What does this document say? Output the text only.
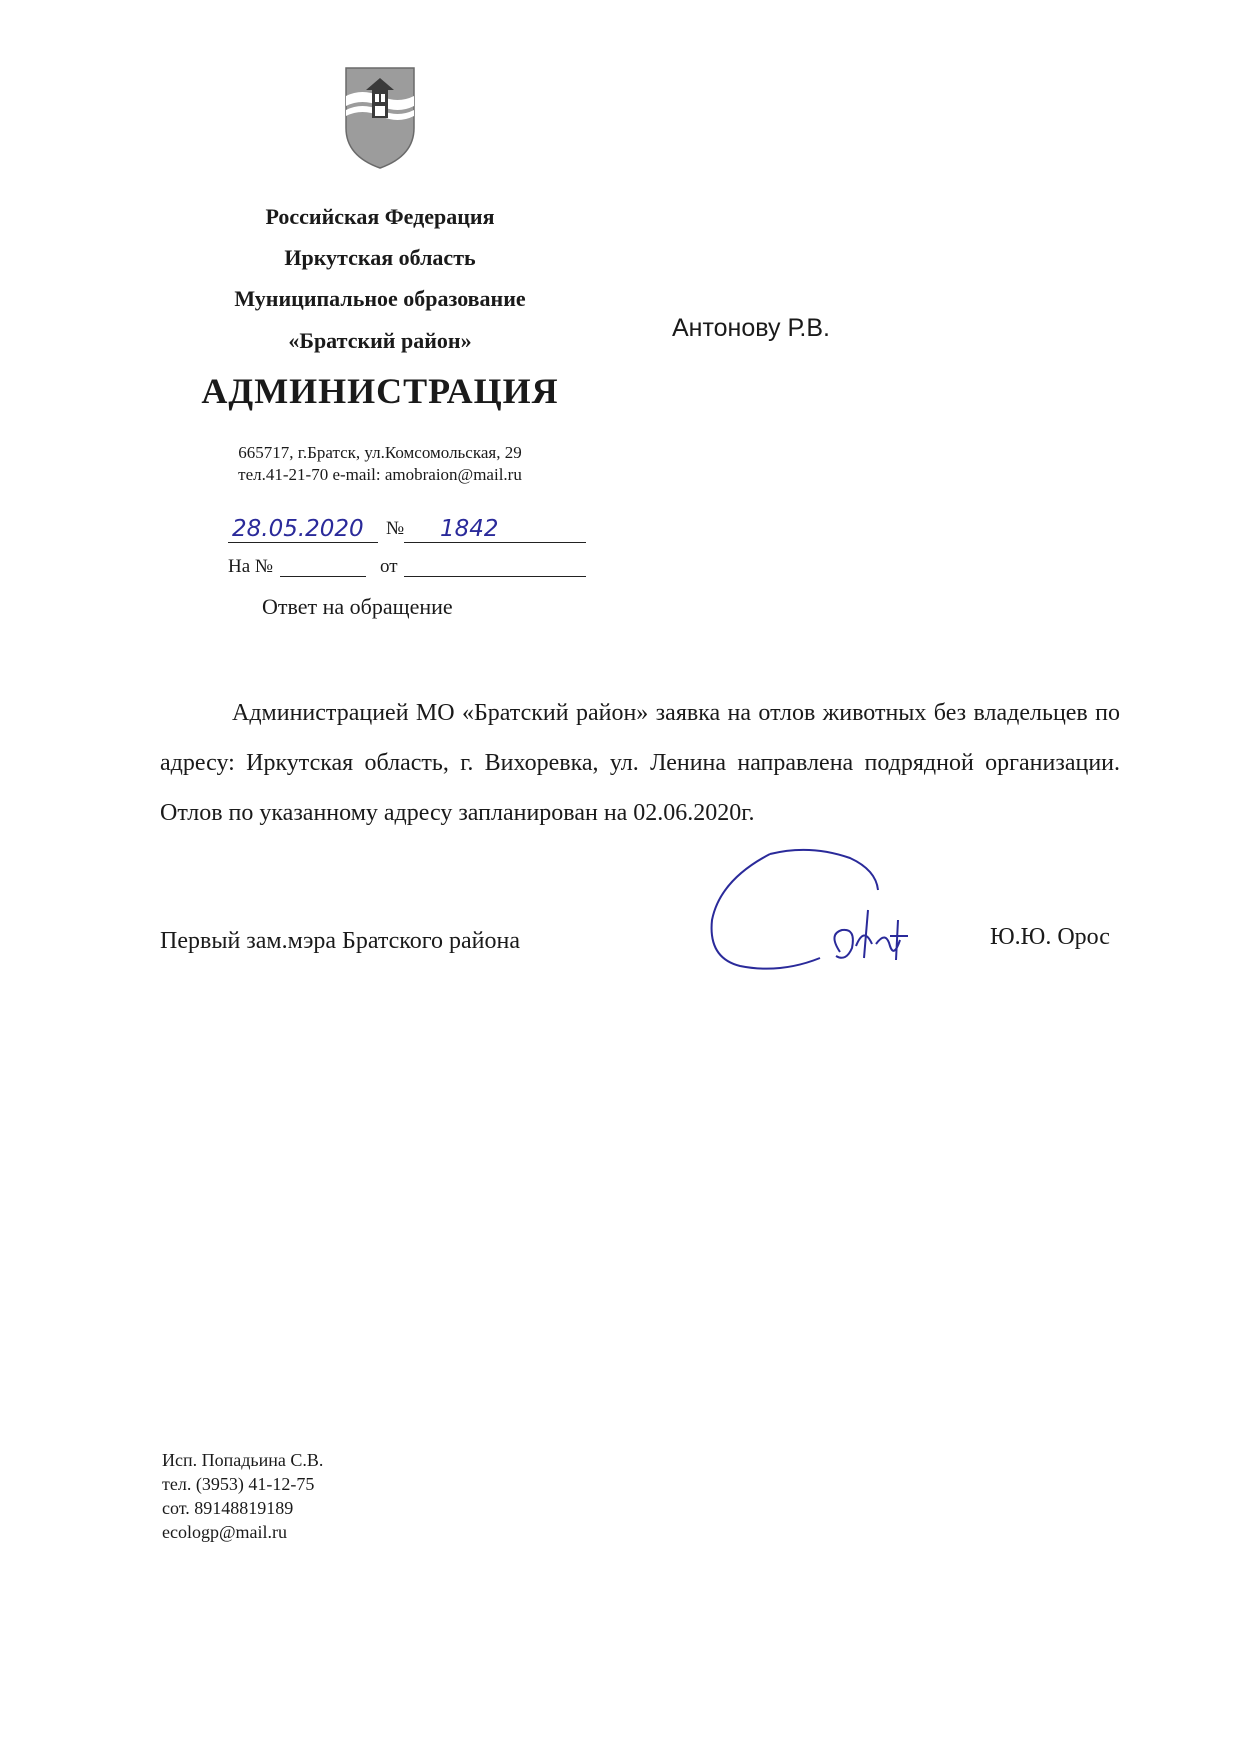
Российская Федерация
Иркутская область
Муниципальное образование
«Братский район»
АДМИНИСТРАЦИЯ
665717, г.Братск, ул.Комсомольская, 29
тел.41-21-70 e-mail: amobraion@mail.ru
28.05.2020 № 1842
На №	от
Ответ на обращение
Антонову Р.В.
Администрацией МО «Братский район» заявка на отлов животных без владельцев по адресу: Иркутская область, г. Вихоревка, ул. Ленина направлена подрядной организации. Отлов по указанному адресу запланирован на 02.06.2020г.
Первый зам.мэра Братского района	Ю.Ю. Орос
Исп. Попадьина С.В.
тел. (3953) 41-12-75
сот. 89148819189
ecologp@mail.ru
